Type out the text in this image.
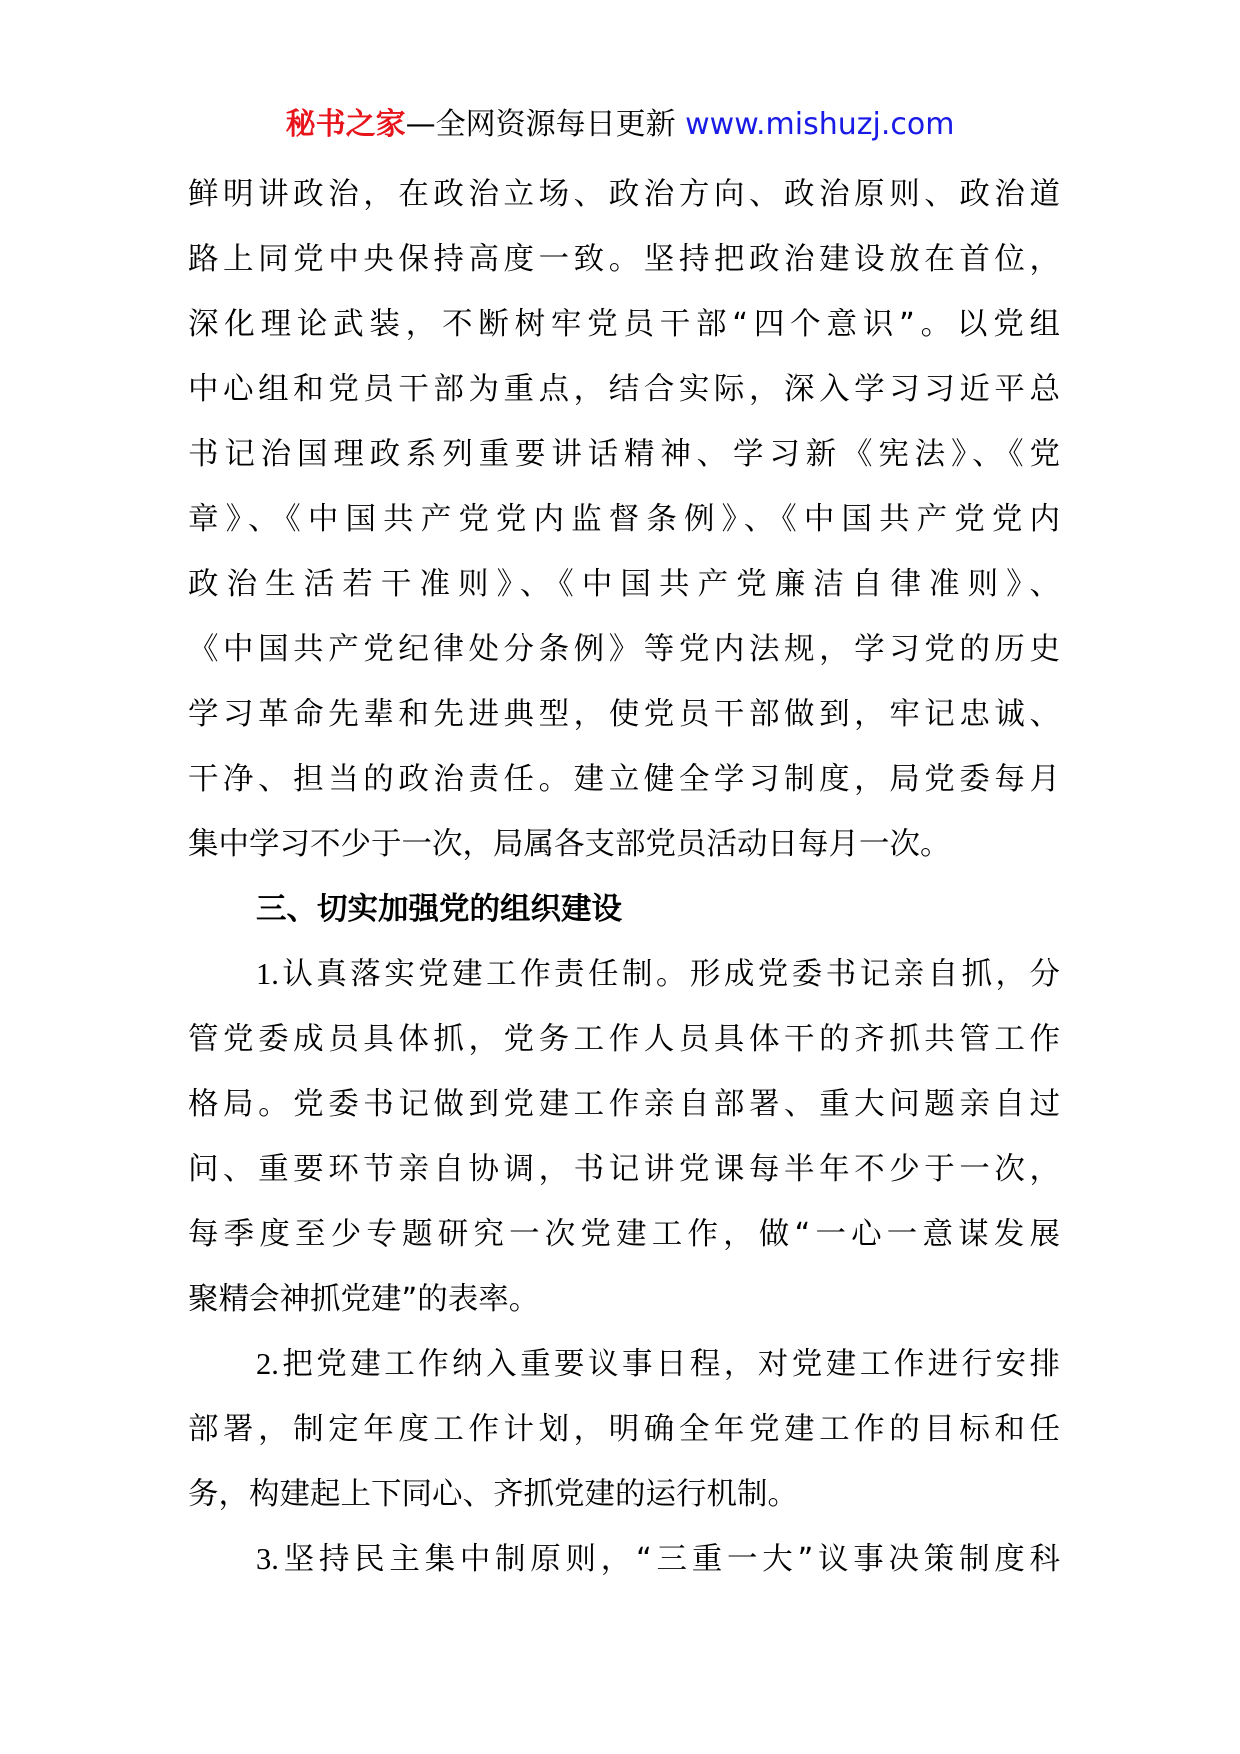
秘书之家—全网资源每日更新 www.mishuzj.com
鲜明讲政治，在政治立场、政治方向、政治原则、政治道
路上同党中央保持高度一致。坚持把政治建设放在首位，
深化理论武装，不断树牢党员干部“四个意识”。以党组
中心组和党员干部为重点，结合实际，深入学习习近平总
书记治国理政系列重要讲话精神、学习新《宪法》、《党
章》、《中国共产党党内监督条例》、《中国共产党党内
政治生活若干准则》、《中国共产党廉洁自律准则》、
《中国共产党纪律处分条例》等党内法规，学习党的历史
学习革命先辈和先进典型，使党员干部做到，牢记忠诚、
干净、担当的政治责任。建立健全学习制度，局党委每月
集中学习不少于一次，局属各支部党员活动日每月一次。
三、切实加强党的组织建设
1.认真落实党建工作责任制。形成党委书记亲自抓，分
管党委成员具体抓，党务工作人员具体干的齐抓共管工作
格局。党委书记做到党建工作亲自部署、重大问题亲自过
问、重要环节亲自协调，书记讲党课每半年不少于一次，
每季度至少专题研究一次党建工作，做“一心一意谋发展
聚精会神抓党建”的表率。
2.把党建工作纳入重要议事日程，对党建工作进行安排
部署，制定年度工作计划，明确全年党建工作的目标和任
务，构建起上下同心、齐抓党建的运行机制。
3.坚持民主集中制原则，“三重一大”议事决策制度科
